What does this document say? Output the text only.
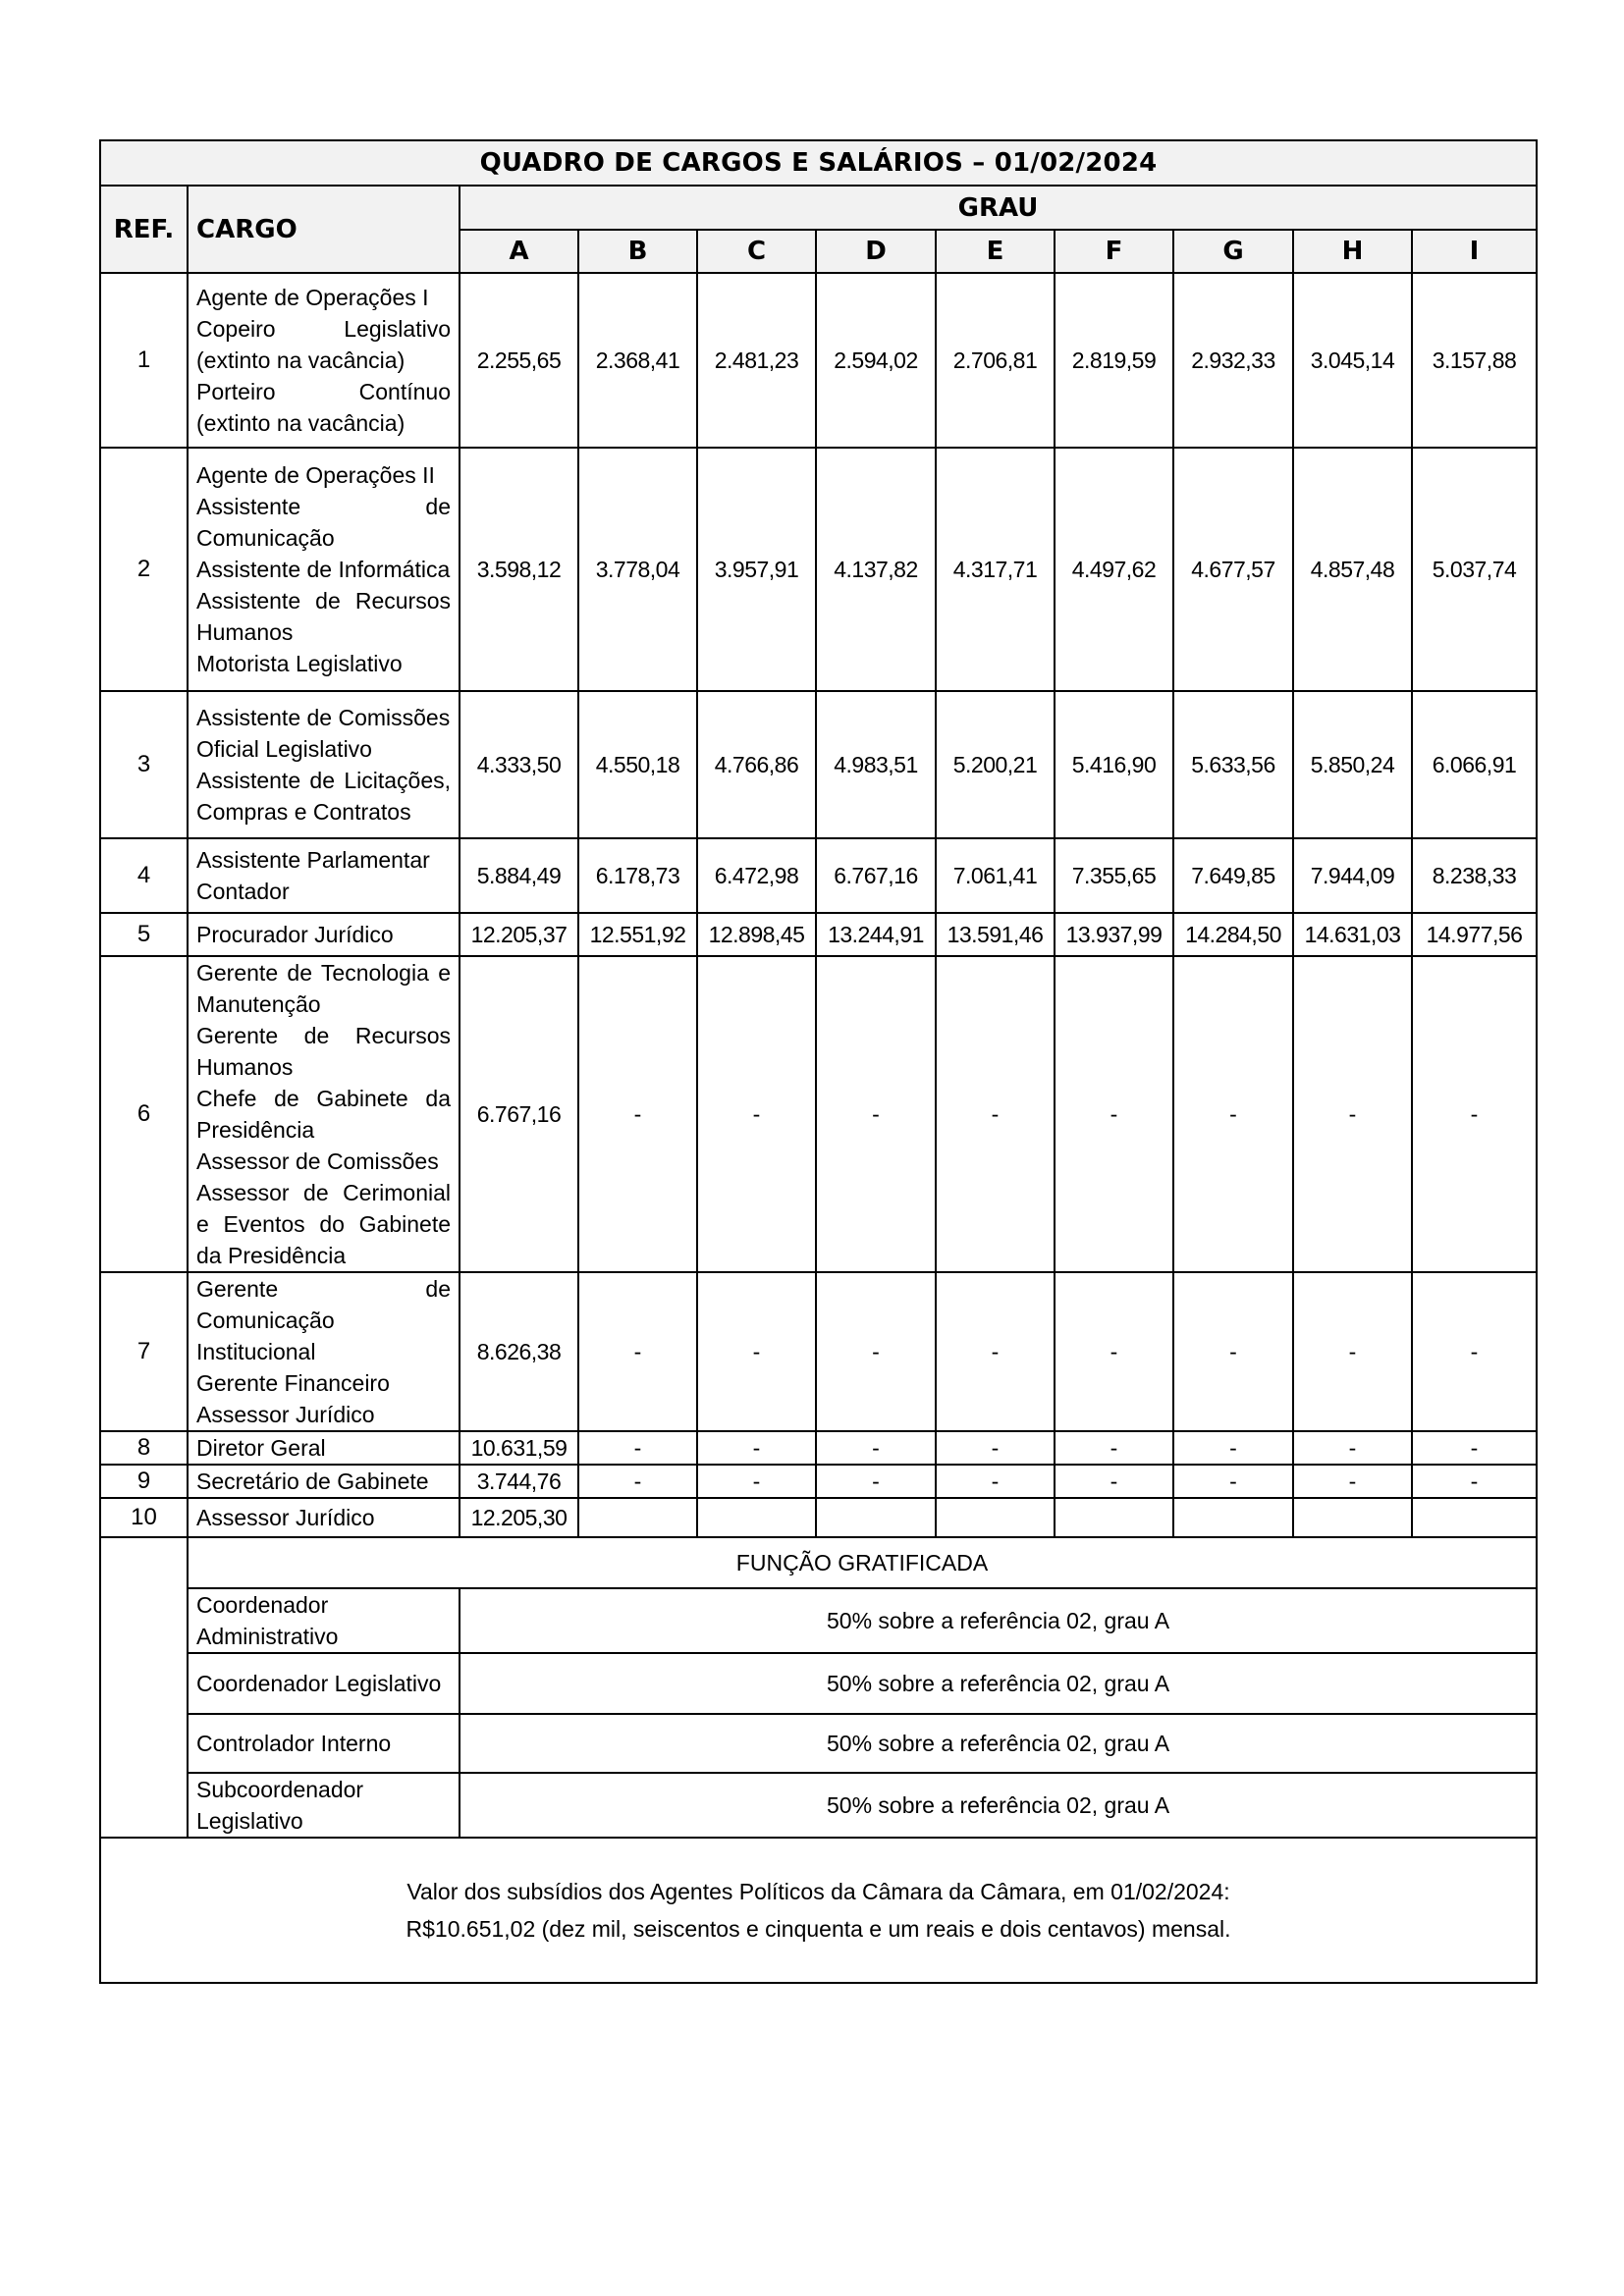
QUADRO DE CARGOS E SALÁRIOS – 01/02/2024										
REF.	CARGO	GRAU								
		A	B	C	D	E	F	G	H	I
1	Agente de Operações I
Copeiro Legislativo (extinto na vacância)
Porteiro Contínuo (extinto na vacância)	2.255,65	2.368,41	2.481,23	2.594,02	2.706,81	2.819,59	2.932,33	3.045,14	3.157,88
2	Agente de Operações II
Assistente de Comunicação
Assistente de Informática
Assistente de Recursos Humanos
Motorista Legislativo	3.598,12	3.778,04	3.957,91	4.137,82	4.317,71	4.497,62	4.677,57	4.857,48	5.037,74
3	Assistente de Comissões
Oficial Legislativo
Assistente de Licitações, Compras e Contratos	4.333,50	4.550,18	4.766,86	4.983,51	5.200,21	5.416,90	5.633,56	5.850,24	6.066,91
4	Assistente Parlamentar
Contador	5.884,49	6.178,73	6.472,98	6.767,16	7.061,41	7.355,65	7.649,85	7.944,09	8.238,33
5	Procurador Jurídico	12.205,37	12.551,92	12.898,45	13.244,91	13.591,46	13.937,99	14.284,50	14.631,03	14.977,56
6	Gerente de Tecnologia e Manutenção
Gerente de Recursos Humanos
Chefe de Gabinete da Presidência
Assessor de Comissões
Assessor de Cerimonial e Eventos do Gabinete da Presidência	6.767,16	-	-	-	-	-	-	-	-
7	Gerente de Comunicação Institucional
Gerente Financeiro
Assessor Jurídico	8.626,38	-	-	-	-	-	-	-	-
8	Diretor Geral	10.631,59	-	-	-	-	-	-	-	-
9	Secretário de Gabinete	3.744,76	-	-	-	-	-	-	-	-
10	Assessor Jurídico	12.205,30								
	FUNÇÃO GRATIFICADA									
	Coordenador Administrativo	50% sobre a referência 02, grau A								
	Coordenador Legislativo	50% sobre a referência 02, grau A								
	Controlador Interno	50% sobre a referência 02, grau A								
	Subcoordenador Legislativo	50% sobre a referência 02, grau A								

Valor dos subsídios dos Agentes Políticos da Câmara da Câmara, em 01/02/2024:
R$10.651,02 (dez mil, seiscentos e cinquenta e um reais e dois centavos) mensal.										
